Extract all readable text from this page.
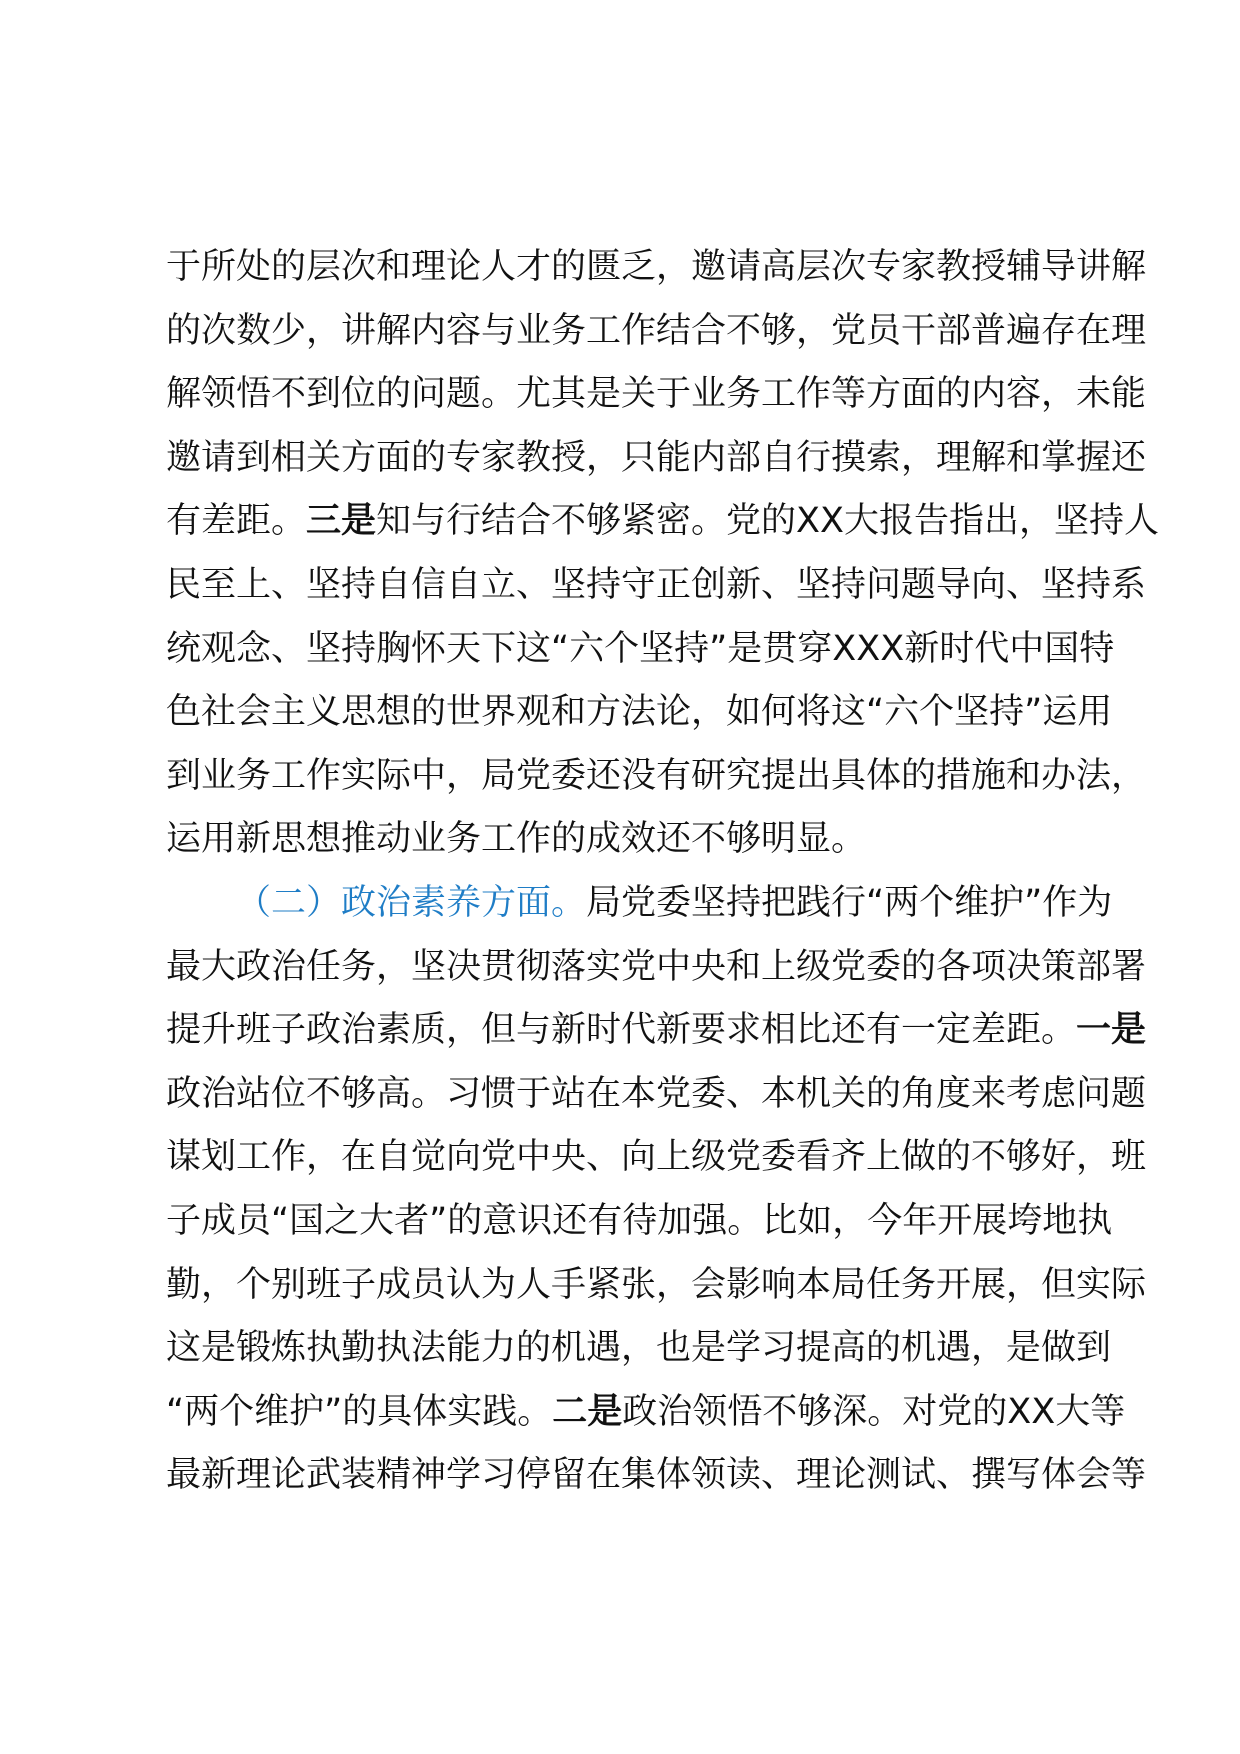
于所处的层次和理论人才的匮乏，邀请高层次专家教授辅导讲解
的次数少，讲解内容与业务工作结合不够，党员干部普遍存在理
解领悟不到位的问题。尤其是关于业务工作等方面的内容，未能
邀请到相关方面的专家教授，只能内部自行摸索，理解和掌握还
有差距。三是知与行结合不够紧密。党的XX大报告指出，坚持人
民至上、坚持自信自立、坚持守正创新、坚持问题导向、坚持系
统观念、坚持胸怀天下这“六个坚持”是贯穿XXX新时代中国特
色社会主义思想的世界观和方法论，如何将这“六个坚持”运用
到业务工作实际中，局党委还没有研究提出具体的措施和办法，
运用新思想推动业务工作的成效还不够明显。
（二）政治素养方面。局党委坚持把践行“两个维护”作为
最大政治任务，坚决贯彻落实党中央和上级党委的各项决策部署
提升班子政治素质，但与新时代新要求相比还有一定差距。一是
政治站位不够高。习惯于站在本党委、本机关的角度来考虑问题
谋划工作，在自觉向党中央、向上级党委看齐上做的不够好，班
子成员“国之大者”的意识还有待加强。比如，今年开展垮地执
勤，个别班子成员认为人手紧张，会影响本局任务开展，但实际
这是锻炼执勤执法能力的机遇，也是学习提高的机遇，是做到
“两个维护”的具体实践。二是政治领悟不够深。对党的XX大等
最新理论武装精神学习停留在集体领读、理论测试、撰写体会等
